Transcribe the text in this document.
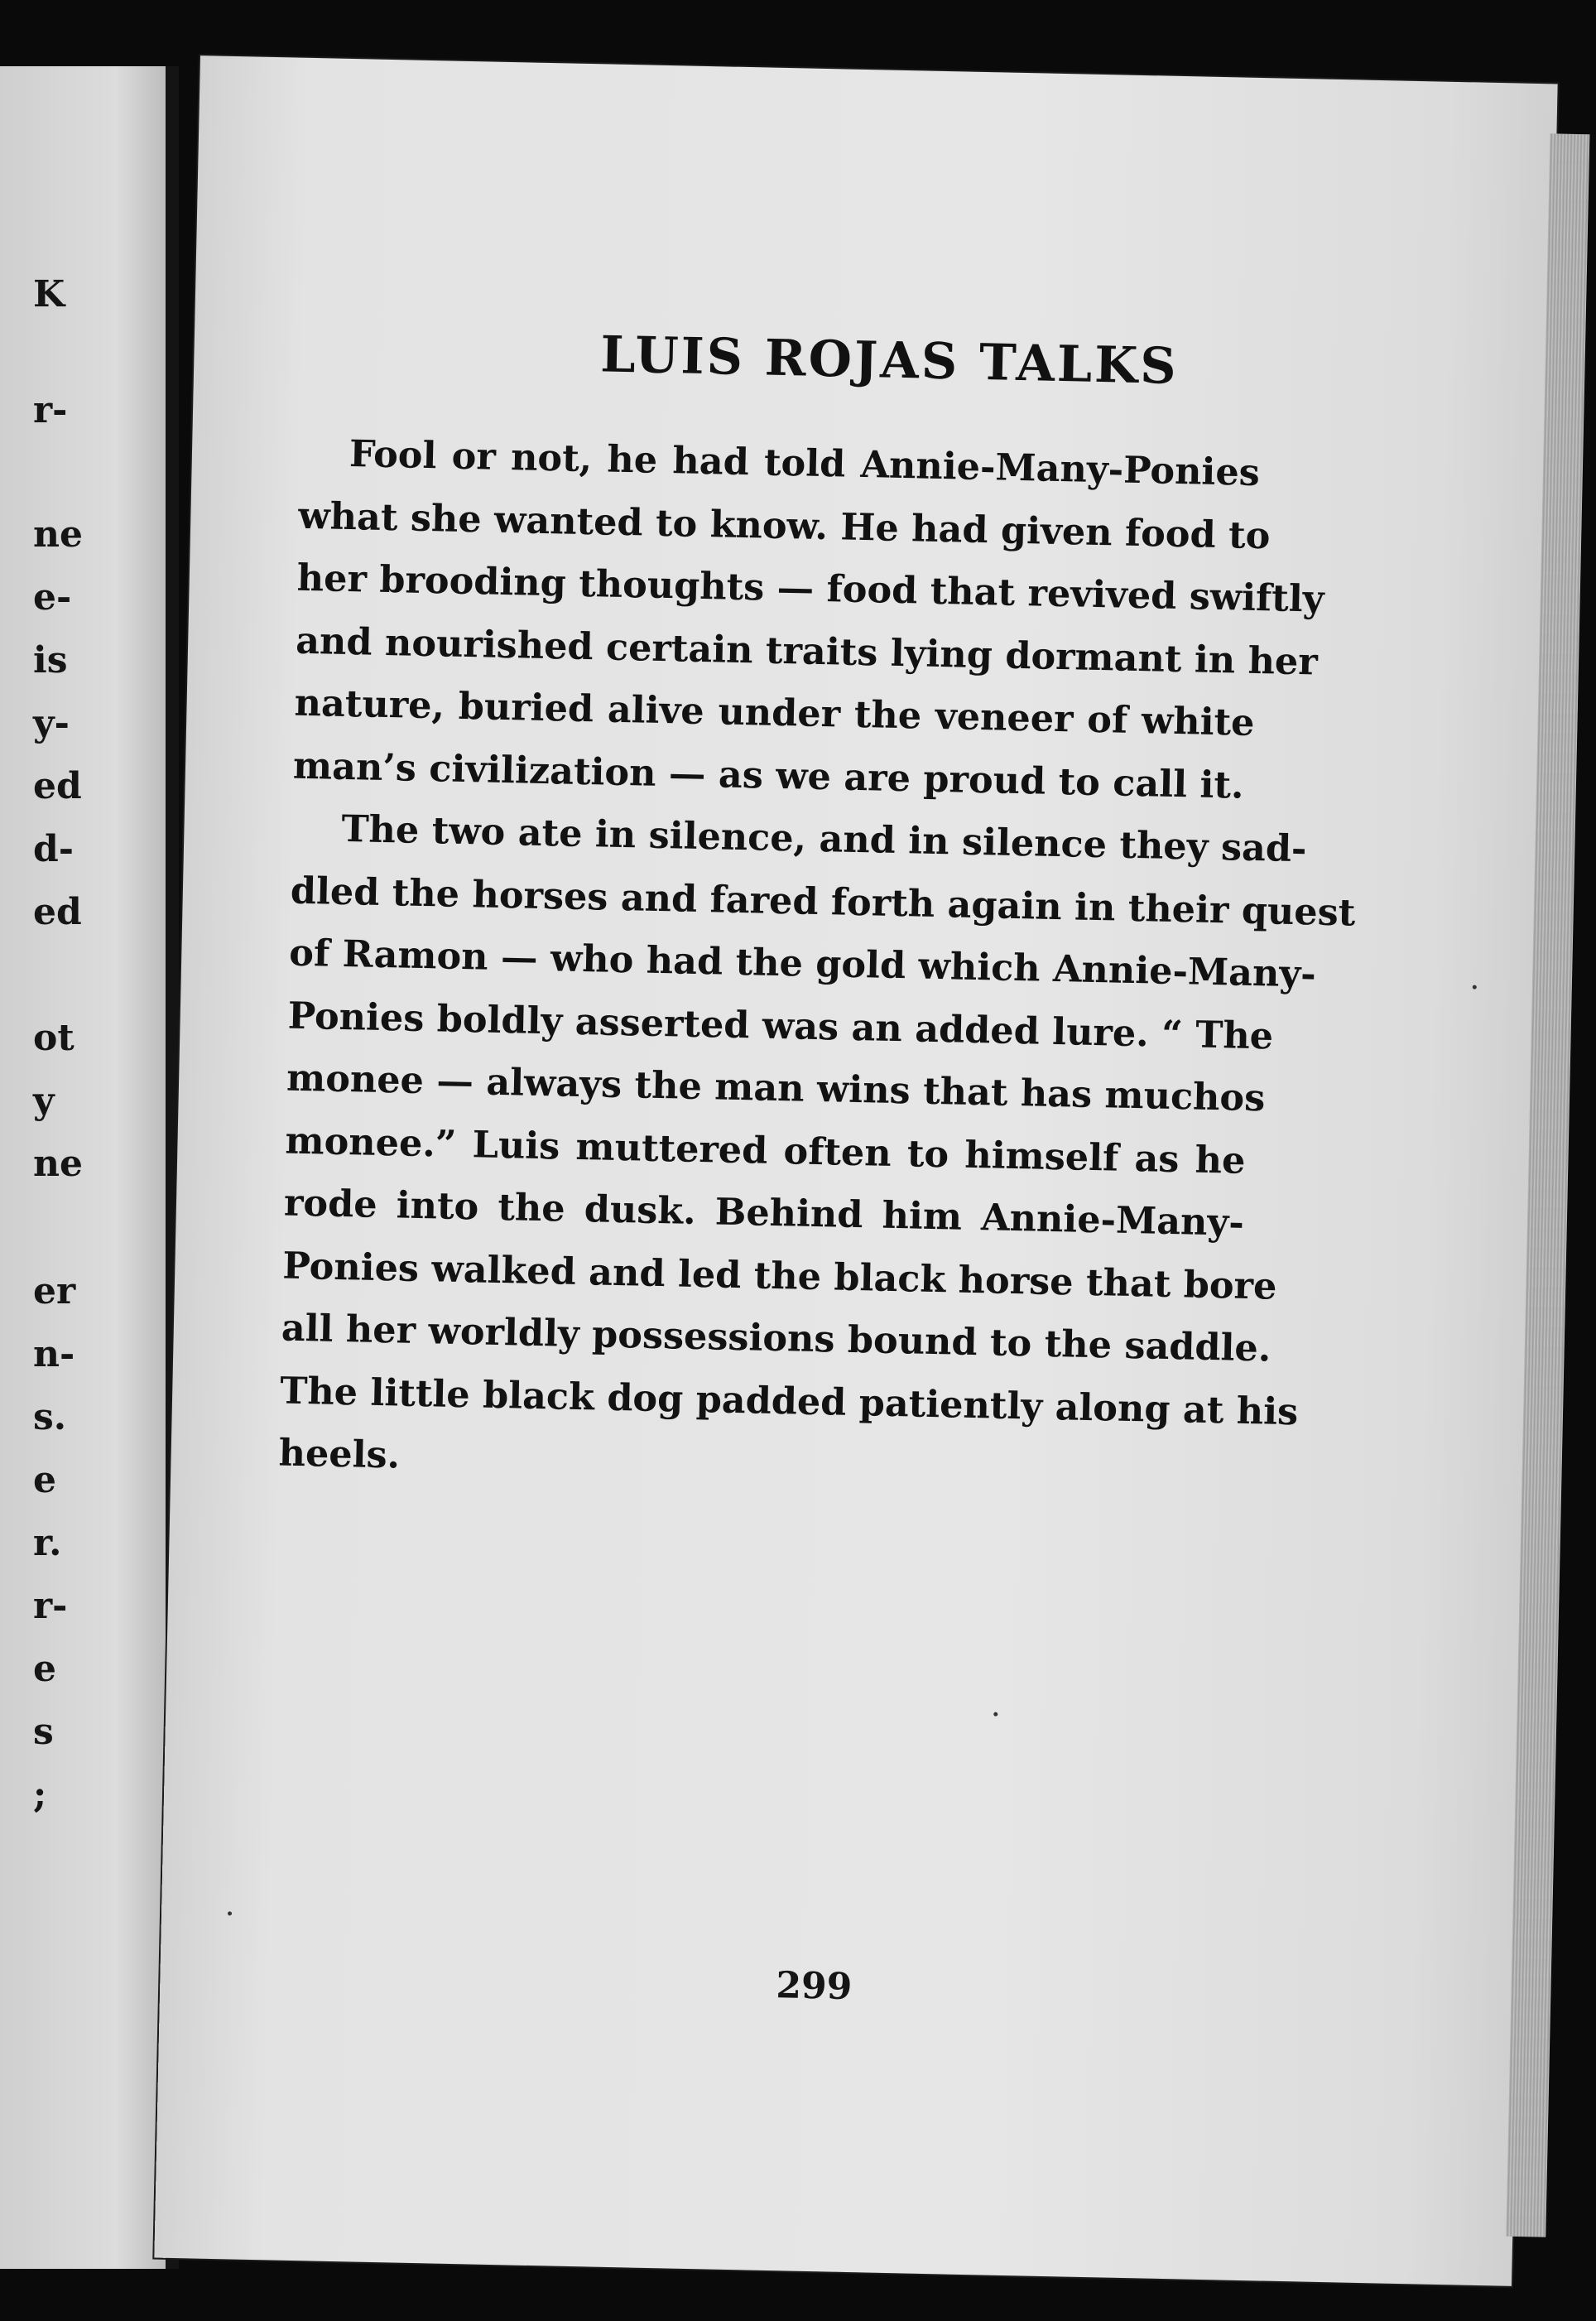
K
r-
ne
e-
is
y-
ed
d-
ed
ot
y
ne
er
n-
s.
e
r.
r-
e
s
;
LUIS ROJAS TALKS
Fool or not, he had told Annie-Many-Ponies
what she wanted to know. He had given food to
her brooding thoughts — food that revived swiftly
and nourished certain traits lying dormant in her
nature, buried alive under the veneer of white
man’s civilization — as we are proud to call it.
The two ate in silence, and in silence they sad-
dled the horses and fared forth again in their quest
of Ramon — who had the gold which Annie-Many-
Ponies boldly asserted was an added lure. “ The
monee — always the man wins that has muchos
monee.” Luis muttered often to himself as he
rode into the dusk. Behind him Annie-Many-
Ponies walked and led the black horse that bore
all her worldly possessions bound to the saddle.
The little black dog padded patiently along at his
heels.
299
